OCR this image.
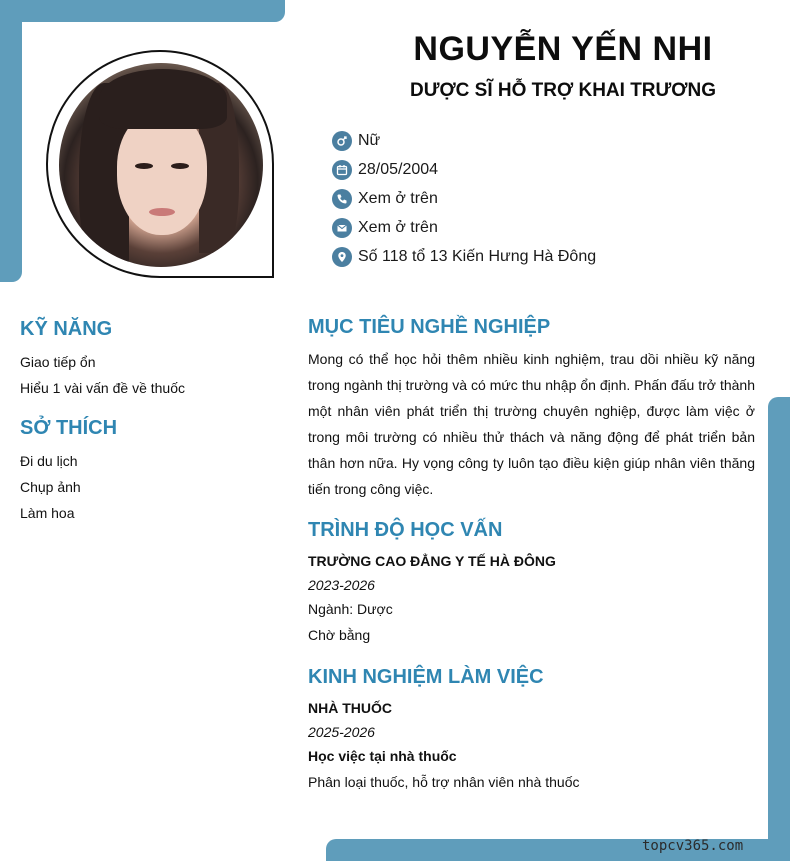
NGUYỄN YẾN NHI
DƯỢC SĨ HỖ TRỢ KHAI TRƯƠNG
Nữ
28/05/2004
Xem ở trên
Xem ở trên
Số 118 tổ 13 Kiến Hưng Hà Đông
KỸ NĂNG
Giao tiếp ổn
Hiểu 1 vài vấn đề về thuốc
SỞ THÍCH
Đi du lịch
Chụp ảnh
Làm hoa
MỤC TIÊU NGHỀ NGHIỆP
Mong có thể học hỏi thêm nhiều kinh nghiệm, trau dồi nhiều kỹ năng trong ngành thị trường và có mức thu nhập ổn định. Phấn đấu trở thành một nhân viên phát triển thị trường chuyên nghiệp, được làm việc ở trong môi trường có nhiều thử thách và năng động để phát triển bản thân hơn nữa. Hy vọng công ty luôn tạo điều kiện giúp nhân viên thăng tiến trong công việc.
TRÌNH ĐỘ HỌC VẤN
TRƯỜNG CAO ĐẲNG Y TẾ HÀ ĐÔNG
2023-2026
Ngành: Dược
Chờ bằng
KINH NGHIỆM LÀM VIỆC
NHÀ THUỐC
2025-2026
Học việc tại nhà thuốc
Phân loại thuốc, hỗ trợ nhân viên nhà thuốc
topcv365.com
